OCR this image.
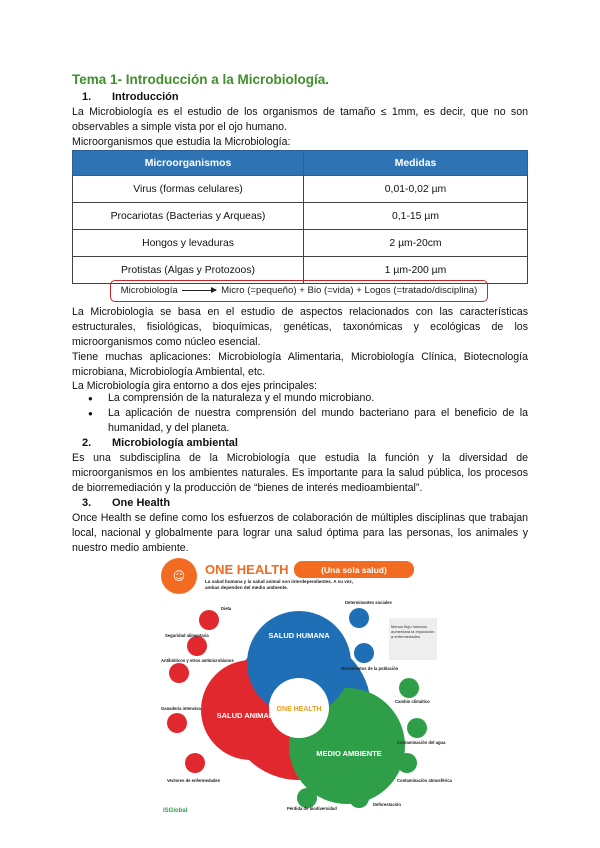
Tema 1- Introducción a la Microbiología.
1. Introducción
La Microbiología es el estudio de los organismos de tamaño ≤ 1mm, es decir, que no son observables a simple vista por el ojo humano.
Microorganismos que estudia la Microbiología:
Microorganismos	Medidas
Virus (formas celulares)	0,01-0,02 µm
Procariotas (Bacterias y Arqueas)	0,1-15 µm
Hongos y levaduras	2 µm-20cm
Protistas (Algas y Protozoos)	1 µm-200 µm
Microbiología	Micro (=pequeño) + Bio (=vida) + Logos (=tratado/disciplina)
La Microbiología se basa en el estudio de aspectos relacionados con las características estructurales, fisiológicas, bioquímicas, genéticas, taxonómicas y ecológicas de los microorganismos como núcleo esencial.
Tiene muchas aplicaciones: Microbiología Alimentaria, Microbiología Clínica, Biotecnología microbiana, Microbiología Ambiental, etc.
La Microbiología gira entorno a dos ejes principales:
● La comprensión de la naturaleza y el mundo microbiano.
● La aplicación de nuestra comprensión del mundo bacteriano para el beneficio de la humanidad, y del planeta.
2. Microbiología ambiental
Es una subdisciplina de la Microbiología que estudia la función y la diversidad de microorganismos en los ambientes naturales. Es importante para la salud pública, los procesos de biorremediación y la producción de “bienes de interés medioambiental”.
3. One Health
Once Health se define como los esfuerzos de colaboración de múltiples disciplinas que trabajan local, nacional y globalmente para lograr una salud óptima para las personas, los animales y nuestro medio ambiente.
☺ ONE HEALTH	(Una sola salud)
La salud humana y la salud animal son interdependientes. A su vez, ambas dependen del medio ambiente.
ONE HEALTH
SALUD HUMANA
SALUD ANIMAL
MEDIO AMBIENTE
Dieta
Seguridad alimentaria
Antibióticos y otros antimicrobianos
Ganadería intensiva
Vectores de enfermedades
Pérdida de biodiversidad
Deforestación
Contaminación atmosférica
Contaminación del agua
Cambio climático
Movimientos de la población
Determinantes sociales
Menos flujo humano aumentará la exposición a enfermedades.
ISGlobal
